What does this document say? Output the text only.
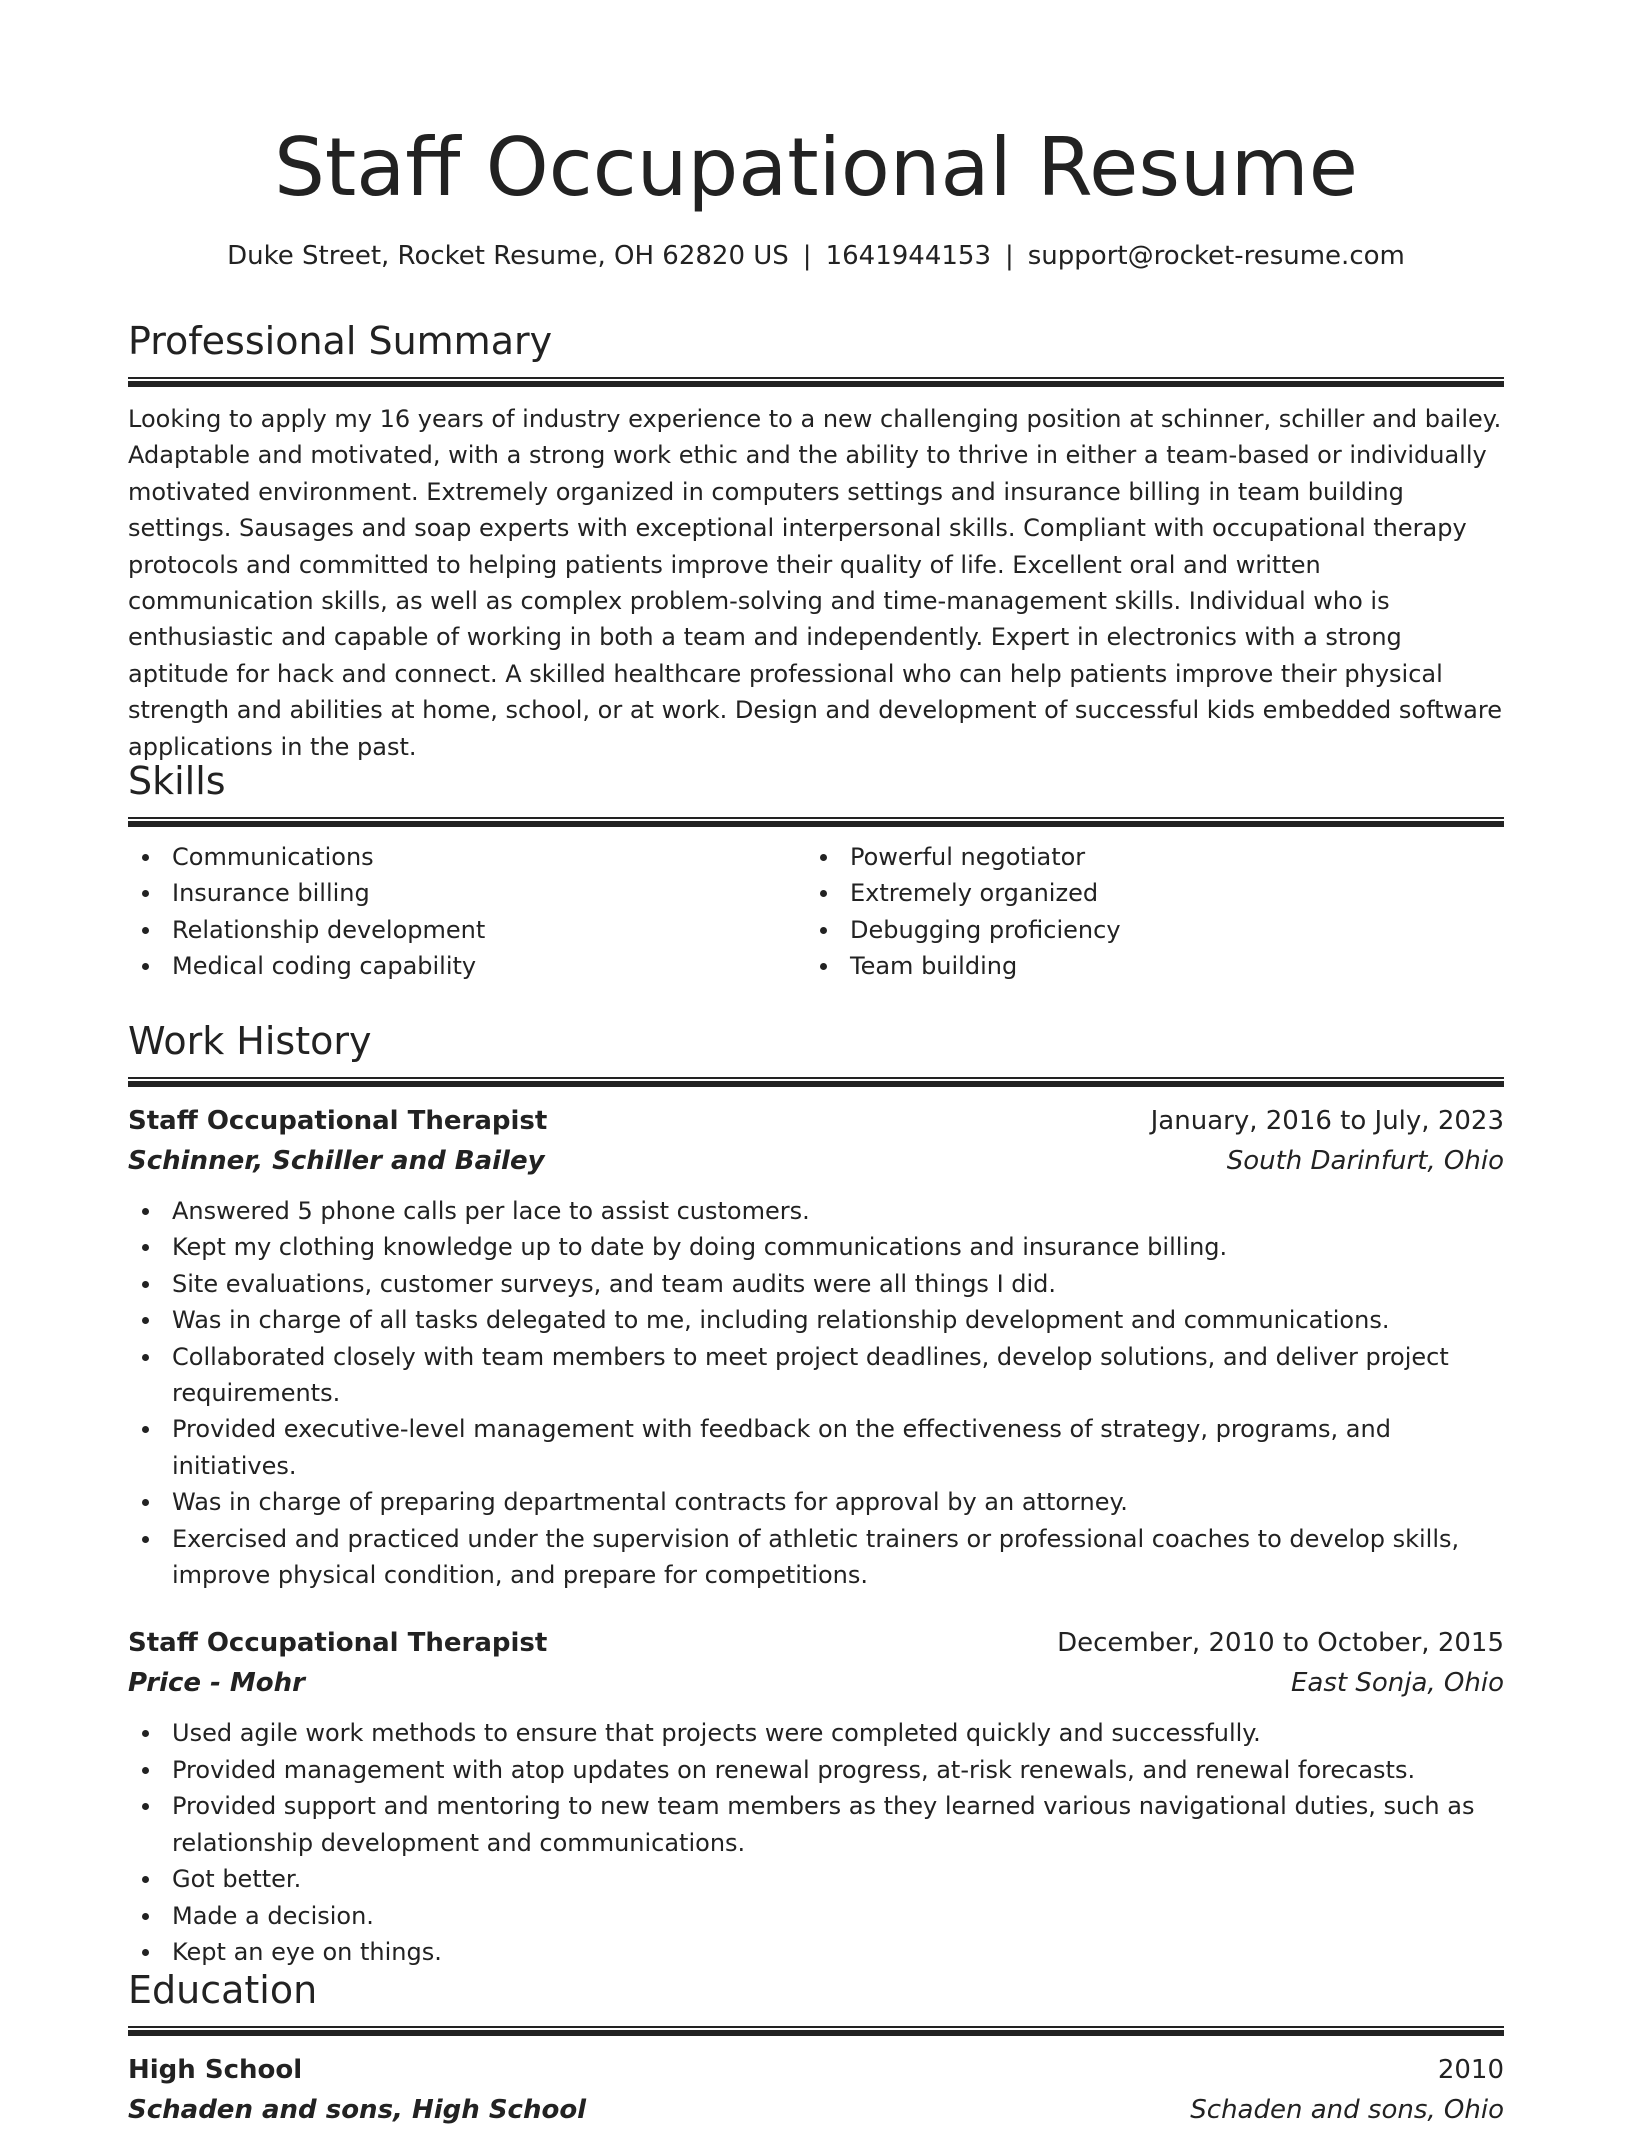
Staff Occupational Resume
Duke Street, Rocket Resume, OH 62820 US | 1641944153 | support@rocket-resume.com
Professional Summary

Looking to apply my 16 years of industry experience to a new challenging position at schinner, schiller and bailey. Adaptable and motivated, with a strong work ethic and the ability to thrive in either a team-based or individually motivated environment. Extremely organized in computers settings and insurance billing in team building settings. Sausages and soap experts with exceptional interpersonal skills. Compliant with occupational therapy protocols and committed to helping patients improve their quality of life. Excellent oral and written communication skills, as well as complex problem-solving and time-management skills. Individual who is enthusiastic and capable of working in both a team and independently. Expert in electronics with a strong aptitude for hack and connect. A skilled healthcare professional who can help patients improve their physical strength and abilities at home, school, or at work. Design and development of successful kids embedded software applications in the past.

Skills
Communications
Insurance billing
Relationship development
Medical coding capability
Powerful negotiator
Extremely organized
Debugging proficiency
Team building
Work History
Staff Occupational Therapist	January, 2016 to July, 2023
Schinner, Schiller and Bailey	South Darinfurt, Ohio
Answered 5 phone calls per lace to assist customers.
Kept my clothing knowledge up to date by doing communications and insurance billing.
Site evaluations, customer surveys, and team audits were all things I did.
Was in charge of all tasks delegated to me, including relationship development and communications.
Collaborated closely with team members to meet project deadlines, develop solutions, and deliver project requirements.
Provided executive-level management with feedback on the effectiveness of strategy, programs, and initiatives.
Was in charge of preparing departmental contracts for approval by an attorney.
Exercised and practiced under the supervision of athletic trainers or professional coaches to develop skills, improve physical condition, and prepare for competitions.
Staff Occupational Therapist	December, 2010 to October, 2015
Price - Mohr	East Sonja, Ohio
Used agile work methods to ensure that projects were completed quickly and successfully.
Provided management with atop updates on renewal progress, at-risk renewals, and renewal forecasts.
Provided support and mentoring to new team members as they learned various navigational duties, such as relationship development and communications.
Got better.
Made a decision.
Kept an eye on things.
Education
High School	2010
Schaden and sons, High School	Schaden and sons, Ohio
